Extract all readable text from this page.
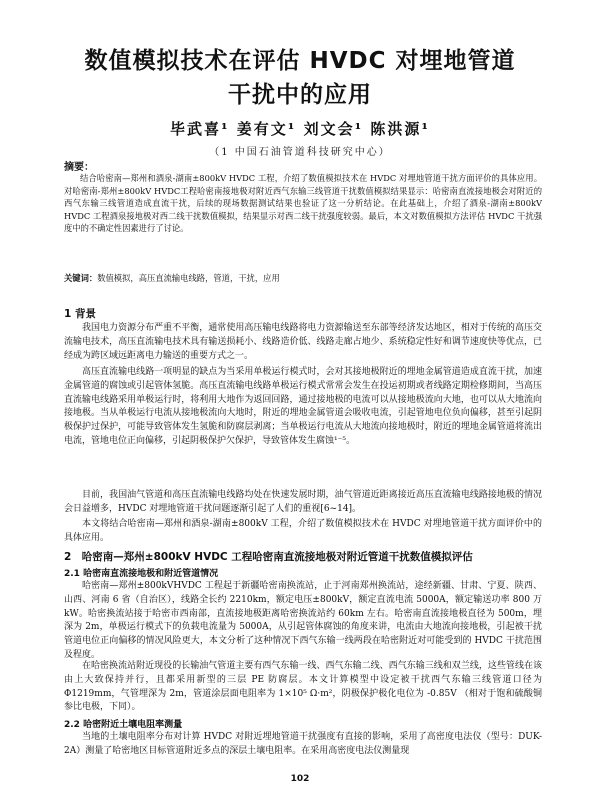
数值模拟技术在评估 HVDC 对埋地管道
干扰中的应用
毕武喜¹ 姜有文¹ 刘文会¹ 陈洪源¹
（1 中国石油管道科技研究中心）
摘要：
结合哈密南—郑州和酒泉-湖南±800kV HVDC 工程，介绍了数值模拟技术在 HVDC 对埋地管道干扰方面评价的具体应用。对哈密南-郑州±800kV HVDC工程哈密南接地极对附近西气东输三线管道干扰数值模拟结果显示：哈密南直流接地极会对附近的西气东输三线管道造成直流干扰，后续的现场数据测试结果也验证了这一分析结论。在此基础上，介绍了酒泉-湖南±800kV HVDC 工程酒泉接地极对西二线干扰数值模拟，结果显示对西二线干扰强度较弱。最后，本文对数值模拟方法评估 HVDC 干扰强度中的不确定性因素进行了讨论。
关键词：数值模拟，高压直流输电线路，管道，干扰，应用
1 背景
我国电力资源分布严重不平衡，通常使用高压输电线路将电力资源输送至东部等经济发达地区，相对于传统的高压交流输电技术，高压直流输电技术具有输送损耗小、线路造价低、线路走廊占地少、系统稳定性好和调节速度快等优点，已经成为跨区域远距离电力输送的重要方式之一。
高压直流输电线路一项明显的缺点为当采用单极运行模式时，会对其接地极附近的埋地金属管道造成直流干扰，加速金属管道的腐蚀或引起管体氢脆。高压直流输电线路单极运行模式常常会发生在投运初期或者线路定期检修期间，当高压直流输电线路采用单极运行时，将利用大地作为返回回路，通过接地极的电流可以从接地极流向大地，也可以从大地流向接地极。当从单极运行电流从接地极流向大地时，附近的埋地金属管道会吸收电流，引起管地电位负向偏移，甚至引起阴极保护过保护，可能导致管体发生氢脆和防腐层剥离；当单极运行电流从大地流向接地极时，附近的埋地金属管道将流出电流，管地电位正向偏移，引起阴极保护欠保护，导致管体发生腐蚀¹⁻⁵。
目前，我国油气管道和高压直流输电线路均处在快速发展时期，油气管道近距离接近高压直流输电线路接地极的情况会日益增多，HVDC 对埋地管道干扰问题逐渐引起了人们的重视[6~14]。
本文将结合哈密南—郑州和酒泉-湖南±800kV 工程，介绍了数值模拟技术在 HVDC 对埋地管道干扰方面评价中的具体应用。
2　哈密南—郑州±800kV HVDC 工程哈密南直流接地极对附近管道干扰数值模拟评估
2.1 哈密南直流接地极和附近管道情况
哈密南—郑州±800kVHVDC 工程起于新疆哈密南换流站，止于河南郑州换流站，途经新疆、甘肃、宁夏、陕西、山西、河南 6 省（自治区），线路全长约 2210km，额定电压±800kV，额定直流电流 5000A，额定输送功率 800 万 kW。哈密换流站接于哈密市西南部，直流接地极距离哈密换流站约 60km 左右。哈密南直流接地极直径为 500m，埋深为 2m，单极运行模式下的负载电流量为 5000A，从引起管体腐蚀的角度来讲，电流由大地流向接地极，引起被干扰管道电位正向偏移的情况风险更大，本文分析了这种情况下西气东输一线两段在哈密附近对可能受到的 HVDC 干扰范围及程度。
在哈密换流站附近现役的长输油气管道主要有西气东输一线、西气东输二线、西气东输三线和双兰线，这些管线在该由上大致保持并行，且都采用新型的三层 PE 防腐层。本文计算模型中设定被干扰西气东输三线管道口径为 Φ1219mm，气管埋深为 2m，管道涂层面电阻率为 1×10⁵ Ω·m²，阴极保护极化电位为 -0.85V （相对于饱和硫酸铜参比电极，下同）。
2.2 哈密附近土壤电阻率测量
当地的土壤电阻率分布对计算 HVDC 对附近埋地管道干扰强度有直接的影响，采用了高密度电法仪（型号：DUK-2A）测量了哈密地区目标管道附近多点的深层土壤电阻率。在采用高密度电法仪测量现
102
